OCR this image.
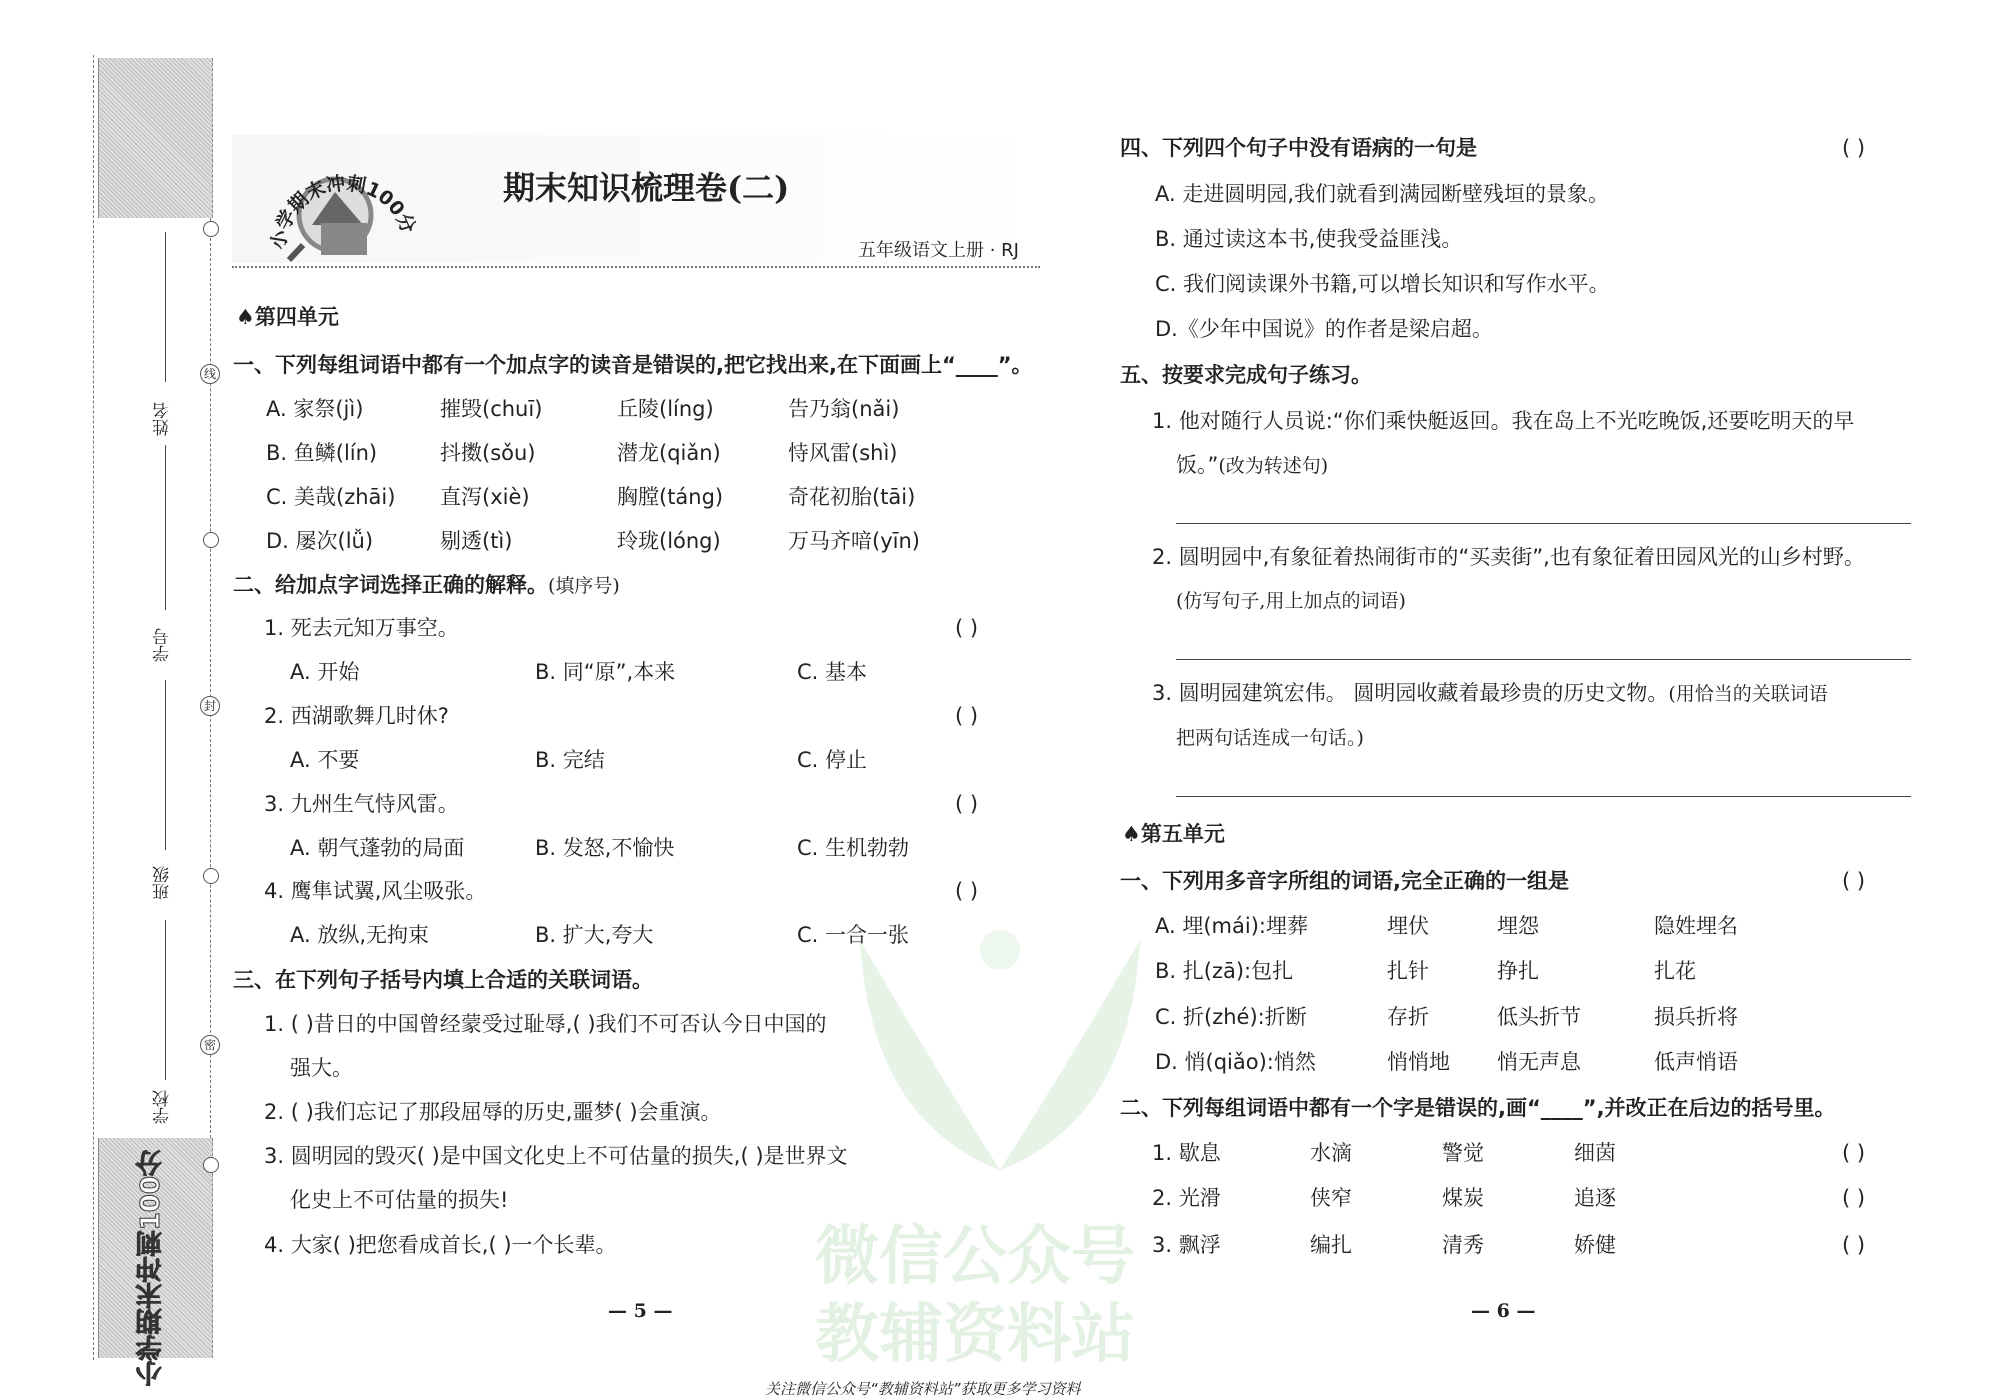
小学期末冲刺100分
姓名
学号
班级
学校
线
封
密
微信公众号
教辅资料站
小学期末冲刺100分
期末知识梳理卷(二)
五年级语文上册 · RJ
♠第四单元
一、下列每组词语中都有一个加点字的读音是错误的,把它找出来,在下面画上“____”。
A. 家祭(jì)	摧毁(chuī)	丘陵(líng)	告乃翁(nǎi)
B. 鱼鳞(lín)	抖擞(sǒu)	潜龙(qiǎn)	恃风雷(shì)
C. 美哉(zhāi) 直泻(xiè)	胸膛(táng)	奇花初胎(tāi)
D. 屡次(lǚ)	剔透(tì)	玲珑(lóng)	万马齐喑(yīn)
二、给加点字词选择正确的解释。(填序号)
1. 死去元知万事空。	( )
A. 开始	B. 同“原”,本来	C. 基本
2. 西湖歌舞几时休?	( )
A. 不要	B. 完结	C. 停止
3. 九州生气恃风雷。	( )
A. 朝气蓬勃的局面	B. 发怒,不愉快	C. 生机勃勃
4. 鹰隼试翼,风尘吸张。	( )
A. 放纵,无拘束	B. 扩大,夸大	C. 一合一张
三、在下列句子括号内填上合适的关联词语。
1. ( )昔日的中国曾经蒙受过耻辱,( )我们不可否认今日中国的
强大。
2. ( )我们忘记了那段屈辱的历史,噩梦( )会重演。
3. 圆明园的毁灭( )是中国文化史上不可估量的损失,( )是世界文
化史上不可估量的损失!
4. 大家( )把您看成首长,( )一个长辈。
— 5 —
四、下列四个句子中没有语病的一句是	( )
A. 走进圆明园,我们就看到满园断壁残垣的景象。
B. 通过读这本书,使我受益匪浅。
C. 我们阅读课外书籍,可以增长知识和写作水平。
D.《少年中国说》的作者是梁启超。
五、按要求完成句子练习。
1. 他对随行人员说:“你们乘快艇返回。我在岛上不光吃晚饭,还要吃明天的早
饭。”(改为转述句)
2. 圆明园中,有象征着热闹街市的“买卖街”,也有象征着田园风光的山乡村野。
(仿写句子,用上加点的词语)
3. 圆明园建筑宏伟。 圆明园收藏着最珍贵的历史文物。(用恰当的关联词语
把两句话连成一句话。)
♠第五单元
一、下列用多音字所组的词语,完全正确的一组是	( )
A. 埋(mái):埋葬	埋伏	埋怨	隐姓埋名
B. 扎(zā):包扎	扎针	挣扎	扎花
C. 折(zhé):折断	存折	低头折节	损兵折将
D. 悄(qiǎo):悄然	悄悄地 悄无声息	低声悄语
二、下列每组词语中都有一个字是错误的,画“____”,并改正在后边的括号里。
1. 歇息	水滴	警觉	细茵	( )
2. 光滑	侠窄	煤炭	追逐	( )
3. 飘浮	编扎	清秀	娇健	( )
— 6 —
关注微信公众号“教辅资料站”获取更多学习资料
